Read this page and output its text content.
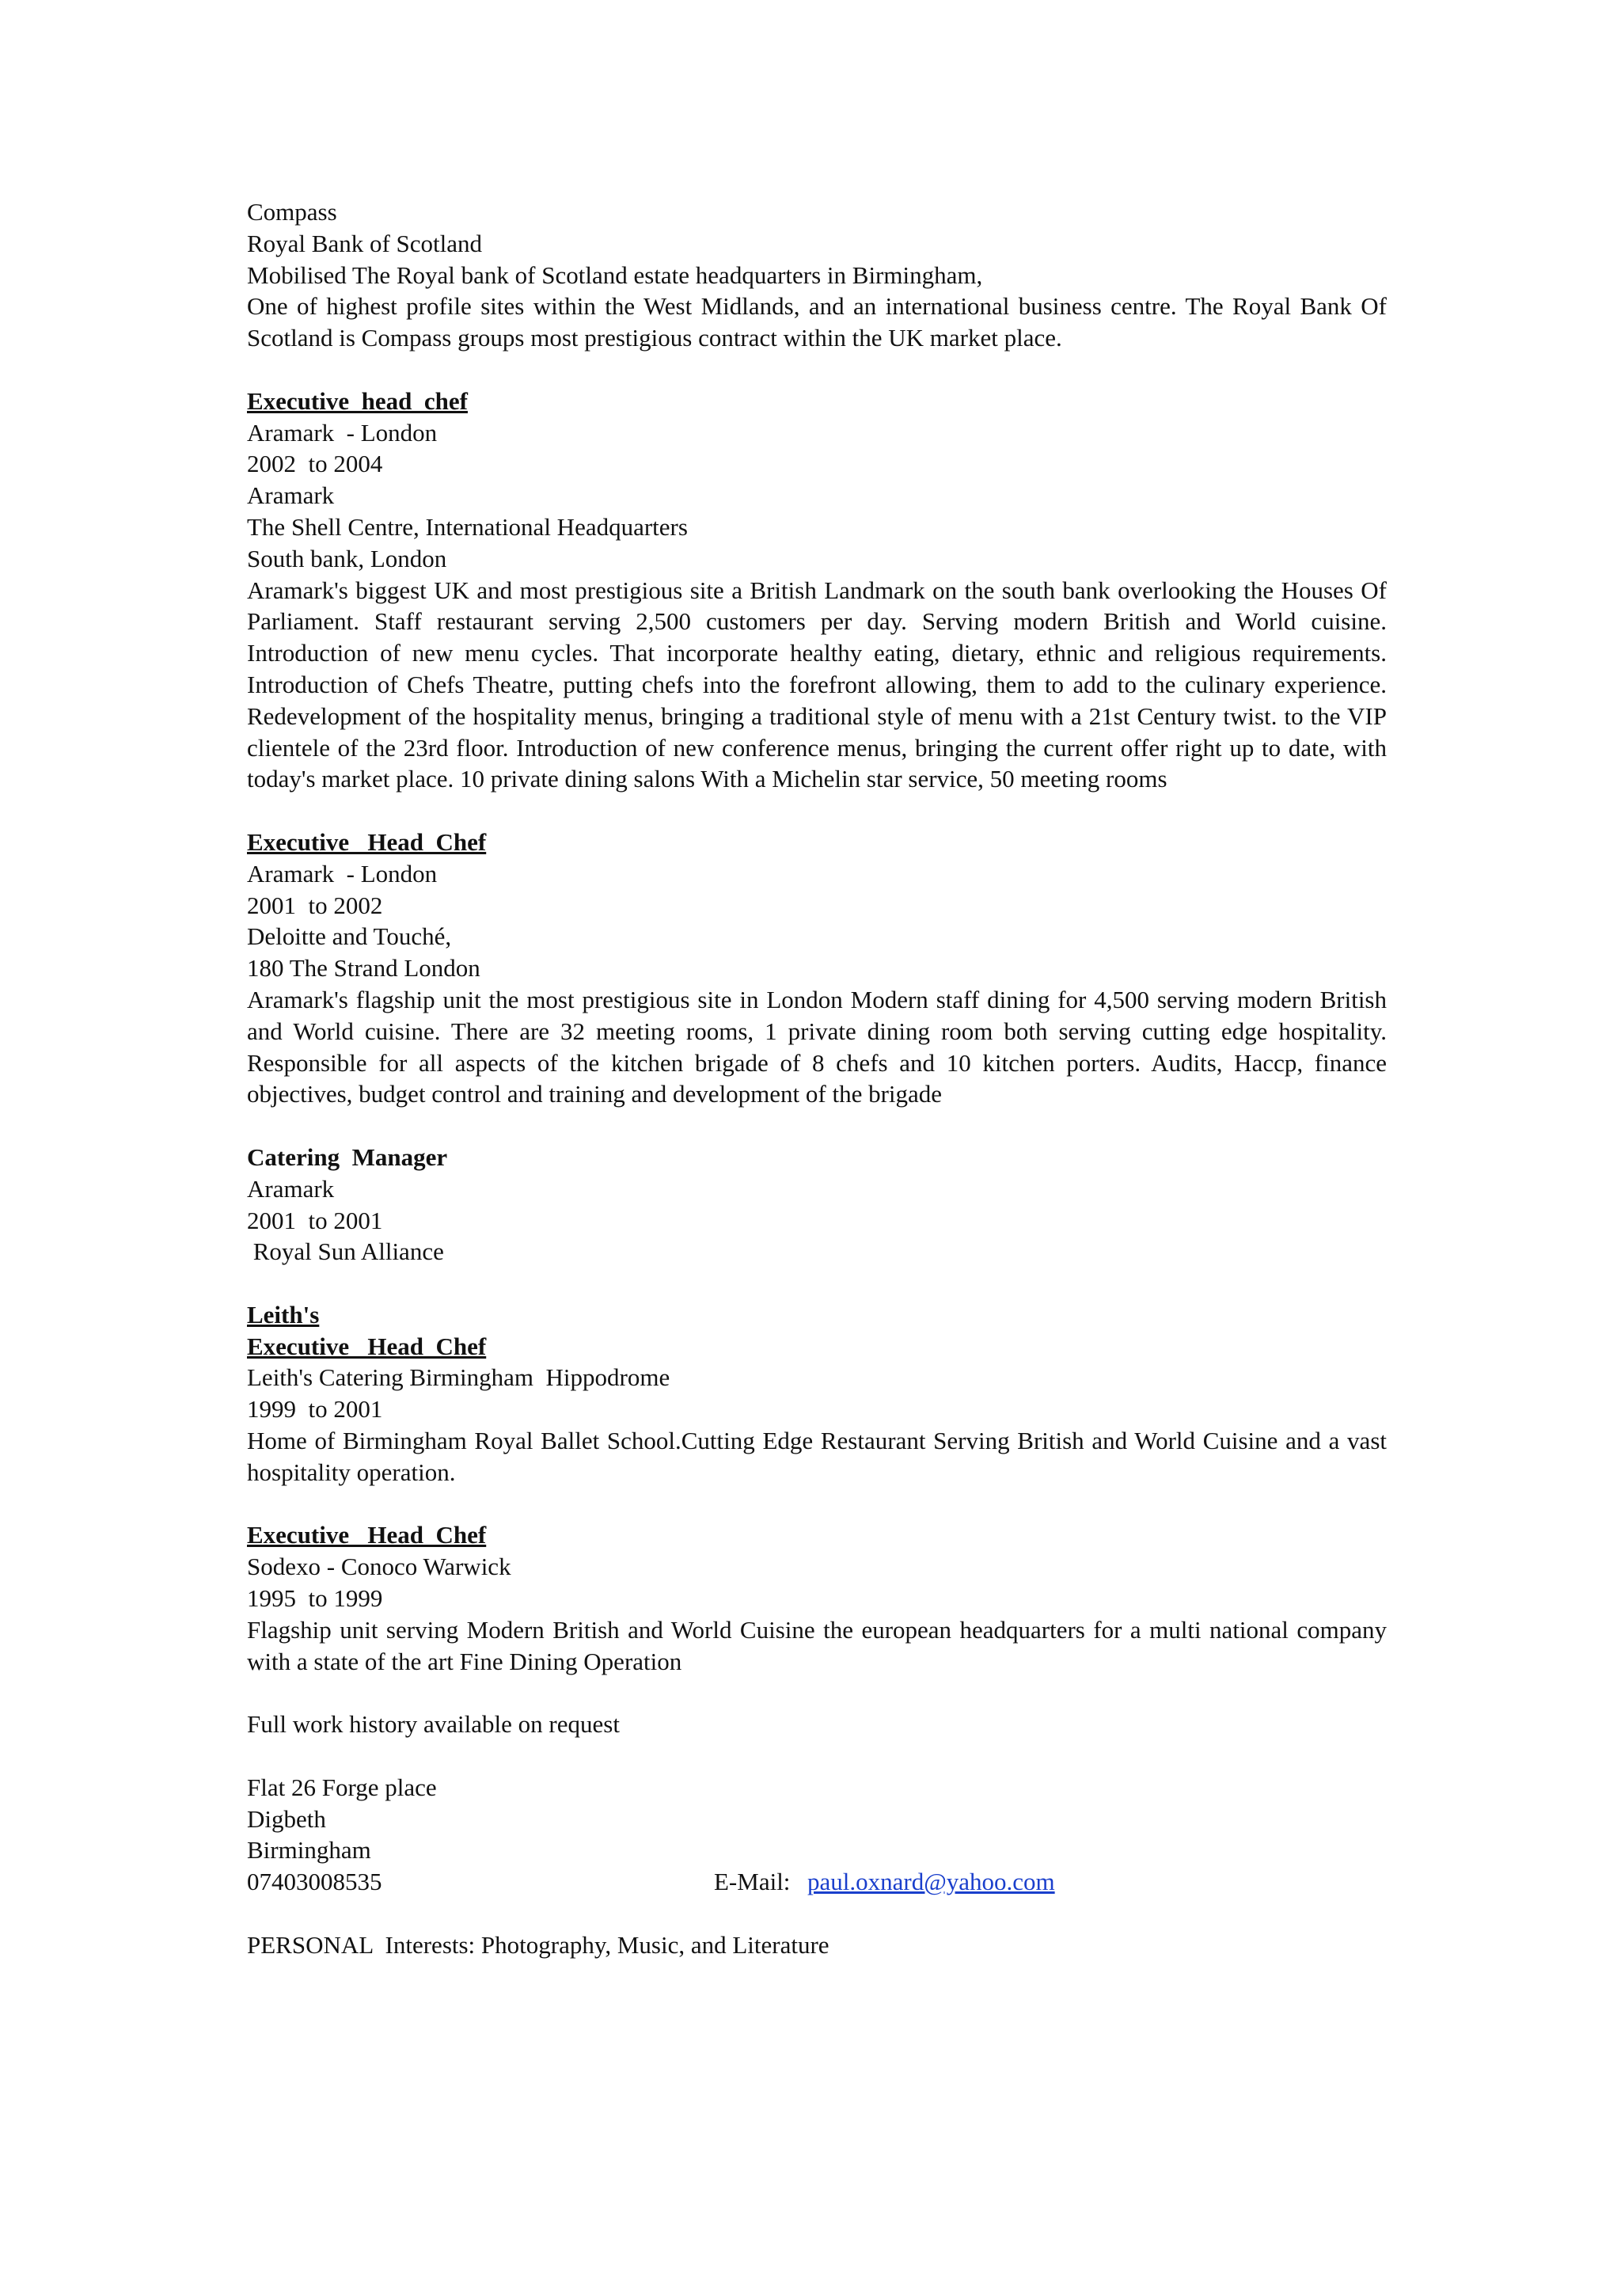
Compass
Royal Bank of Scotland
Mobilised The Royal bank of Scotland estate headquarters in Birmingham,
One of highest profile sites within the West Midlands, and an international business centre. The Royal Bank Of Scotland is Compass groups most prestigious contract within the UK market place.
Executive  head  chef
Aramark  - London
2002  to 2004
Aramark
The Shell Centre, International Headquarters
South bank, London
Aramark's biggest UK and most prestigious site a British Landmark on the south bank overlooking the Houses Of Parliament. Staff restaurant serving 2,500 customers per day. Serving modern British and World cuisine. Introduction of new menu cycles. That incorporate healthy eating, dietary, ethnic and religious requirements. Introduction of Chefs Theatre, putting chefs into the forefront allowing, them to add to the culinary experience. Redevelopment of the hospitality menus, bringing a traditional style of menu with a 21st Century twist. to the VIP clientele of the 23rd floor. Introduction of new conference menus, bringing the current offer right up to date, with today's market place. 10 private dining salons With a Michelin star service, 50 meeting rooms
Executive   Head  Chef
Aramark  - London
2001  to 2002
Deloitte and Touché,
180 The Strand London
Aramark's flagship unit the most prestigious site in London Modern staff dining for 4,500 serving modern British and World cuisine. There are 32 meeting rooms, 1 private dining room both serving cutting edge hospitality. Responsible for all aspects of the kitchen brigade of 8 chefs and 10 kitchen porters. Audits, Haccp, finance objectives, budget control and training and development of the brigade
Catering  Manager
Aramark
2001  to 2001
Royal Sun Alliance
Leith's
Executive   Head  Chef
Leith's Catering Birmingham  Hippodrome
1999  to 2001
Home of Birmingham Royal Ballet School.Cutting Edge Restaurant Serving British and World Cuisine and a vast hospitality operation.
Executive   Head  Chef
Sodexo - Conoco Warwick
1995  to 1999
Flagship unit serving Modern British and World Cuisine the european headquarters for a multi national company with a state of the art Fine Dining Operation
Full work history available on request
Flat 26 Forge place
Digbeth
Birmingham
07403008535	E-Mail: paul.oxnard@yahoo.com
PERSONAL  Interests: Photography, Music, and Literature
